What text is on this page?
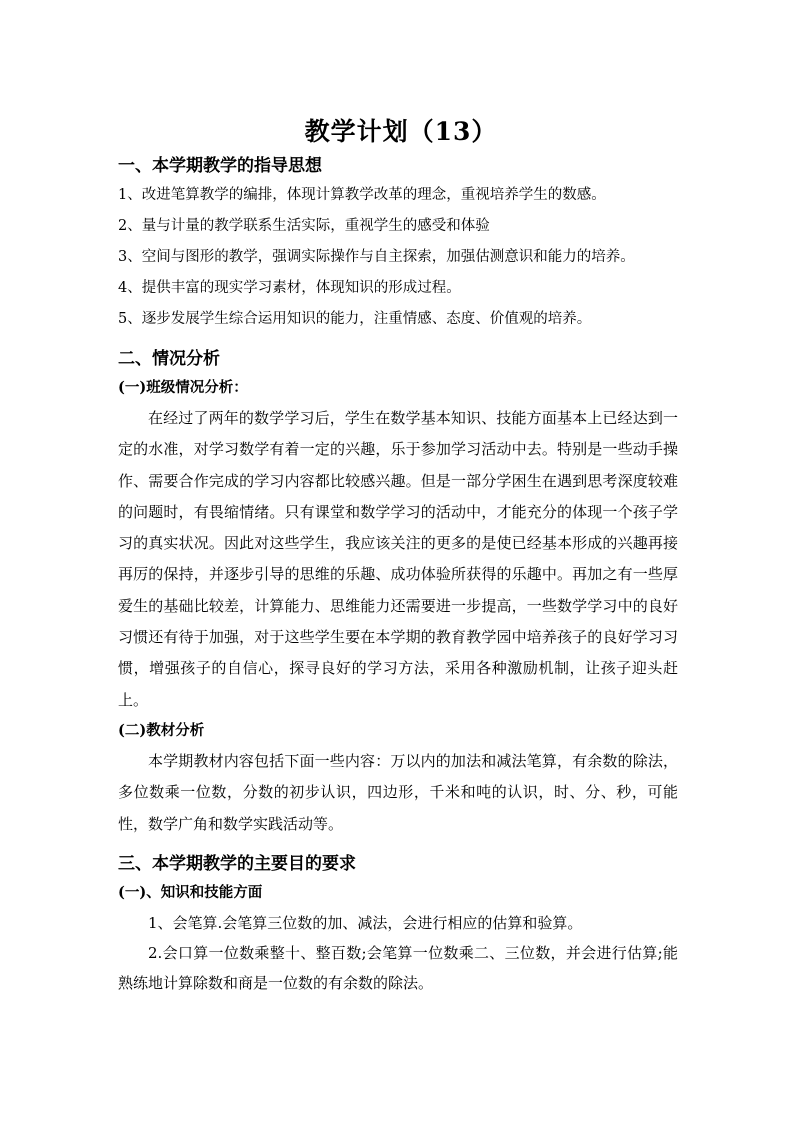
教学计划（13）
一、本学期教学的指导思想

1、改进笔算教学的编排，体现计算教学改革的理念，重视培养学生的数感。

2、量与计量的教学联系生活实际，重视学生的感受和体验

3、空间与图形的教学，强调实际操作与自主探索，加强估测意识和能力的培养。

4、提供丰富的现实学习素材，体现知识的形成过程。

5、逐步发展学生综合运用知识的能力，注重情感、态度、价值观的培养。

二、情况分析
(一)班级情况分析：

在经过了两年的数学学习后，学生在数学基本知识、技能方面基本上已经达到一定的水准，对学习数学有着一定的兴趣，乐于参加学习活动中去。特别是一些动手操作、需要合作完成的学习内容都比较感兴趣。但是一部分学困生在遇到思考深度较难的问题时，有畏缩情绪。只有课堂和数学学习的活动中，才能充分的体现一个孩子学习的真实状况。因此对这些学生，我应该关注的更多的是使已经基本形成的兴趣再接再厉的保持，并逐步引导的思维的乐趣、成功体验所获得的乐趣中。再加之有一些厚爱生的基础比较差，计算能力、思维能力还需要进一步提高，一些数学学习中的良好习惯还有待于加强，对于这些学生要在本学期的教育教学园中培养孩子的良好学习习惯，增强孩子的自信心，探寻良好的学习方法，采用各种激励机制，让孩子迎头赶上。

(二)教材分析

本学期教材内容包括下面一些内容：万以内的加法和减法笔算，有余数的除法，多位数乘一位数，分数的初步认识，四边形，千米和吨的认识，时、分、秒，可能性，数学广角和数学实践活动等。

三、本学期教学的主要目的要求
(一)、知识和技能方面

1、会笔算.会笔算三位数的加、减法，会进行相应的估算和验算。

2.会口算一位数乘整十、整百数;会笔算一位数乘二、三位数，并会进行估算;能熟练地计算除数和商是一位数的有余数的除法。
